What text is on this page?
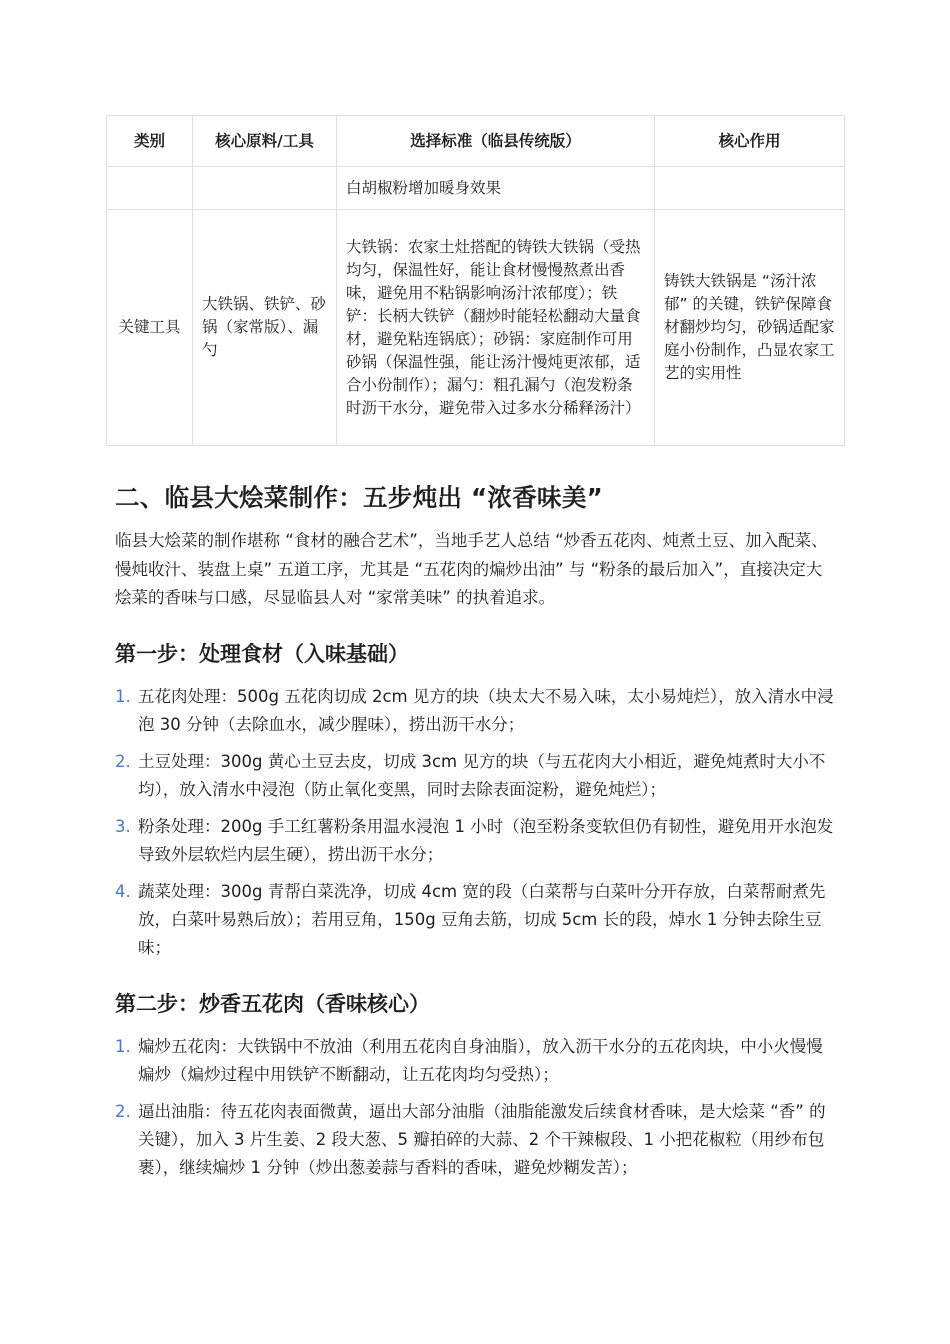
类别	核心原料/工具	选择标准（临县传统版）	核心作用
		白胡椒粉增加暖身效果	
关键工具	大铁锅、铁铲、砂锅（家常版）、漏勺	大铁锅：农家土灶搭配的铸铁大铁锅（受热均匀，保温性好，能让食材慢慢熬煮出香味，避免用不粘锅影响汤汁浓郁度）；铁铲：长柄大铁铲（翻炒时能轻松翻动大量食材，避免粘连锅底）；砂锅：家庭制作可用砂锅（保温性强，能让汤汁慢炖更浓郁，适合小份制作）；漏勺：粗孔漏勺（泡发粉条时沥干水分，避免带入过多水分稀释汤汁）	铸铁大铁锅是 “汤汁浓郁” 的关键，铁铲保障食材翻炒均匀，砂锅适配家庭小份制作，凸显农家工艺的实用性
二、临县大烩菜制作：五步炖出 “浓香味美”

临县大烩菜的制作堪称 “食材的融合艺术”，当地手艺人总结 “炒香五花肉、炖煮土豆、加入配菜、慢炖收汁、装盘上桌” 五道工序，尤其是 “五花肉的煸炒出油” 与 “粉条的最后加入”，直接决定大烩菜的香味与口感，尽显临县人对 “家常美味” 的执着追求。

第一步：处理食材（入味基础）
1. 五花肉处理：500g 五花肉切成 2cm 见方的块（块太大不易入味，太小易炖烂），放入清水中浸泡 30 分钟（去除血水，减少腥味），捞出沥干水分；
2. 土豆处理：300g 黄心土豆去皮，切成 3cm 见方的块（与五花肉大小相近，避免炖煮时大小不均），放入清水中浸泡（防止氧化变黑，同时去除表面淀粉，避免炖烂）；
3. 粉条处理：200g 手工红薯粉条用温水浸泡 1 小时（泡至粉条变软但仍有韧性，避免用开水泡发导致外层软烂内层生硬），捞出沥干水分；
4. 蔬菜处理：300g 青帮白菜洗净，切成 4cm 宽的段（白菜帮与白菜叶分开存放，白菜帮耐煮先放，白菜叶易熟后放）；若用豆角，150g 豆角去筋，切成 5cm 长的段，焯水 1 分钟去除生豆味；
第二步：炒香五花肉（香味核心）
1. 煸炒五花肉：大铁锅中不放油（利用五花肉自身油脂），放入沥干水分的五花肉块，中小火慢慢煸炒（煸炒过程中用铁铲不断翻动，让五花肉均匀受热）；
2. 逼出油脂：待五花肉表面微黄，逼出大部分油脂（油脂能激发后续食材香味，是大烩菜 “香” 的关键），加入 3 片生姜、2 段大葱、5 瓣拍碎的大蒜、2 个干辣椒段、1 小把花椒粒（用纱布包裹），继续煸炒 1 分钟（炒出葱姜蒜与香料的香味，避免炒糊发苦）；
